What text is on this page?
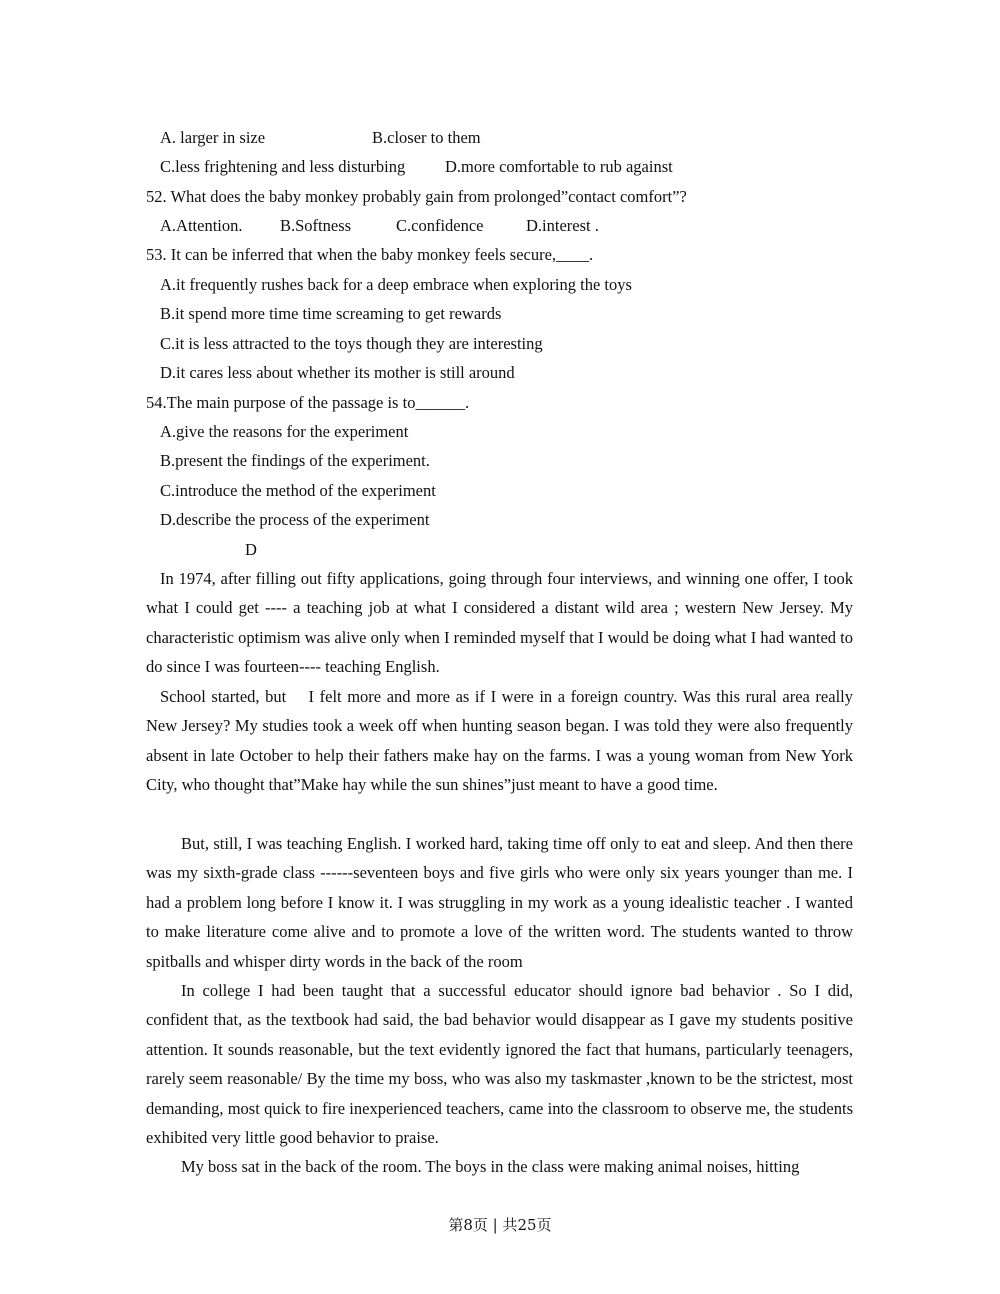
A. larger in size	B.closer to them
C.less frightening and less disturbing D.more comfortable to rub against
52. What does the baby monkey probably gain from prolonged”contact comfort”?
A.Attention. B.Softness	C.confidence	D.interest .
53. It can be inferred that when the baby monkey feels secure,____.
A.it frequently rushes back for a deep embrace when exploring the toys
B.it spend more time time screaming to get rewards
C.it is less attracted to the toys though they are interesting
D.it cares less about whether its mother is still around
54.The main purpose of the passage is to______.
A.give the reasons for the experiment
B.present the findings of the experiment.
C.introduce the method of the experiment
D.describe the process of the experiment
D

In 1974, after filling out fifty applications, going through four interviews, and winning one offer, I took what I could get ---- a teaching job at what I considered a distant wild area ; western New Jersey. My characteristic optimism was alive only when I reminded myself that I would be doing what I had wanted to do since I was fourteen---- teaching English.

School started, but    I felt more and more as if I were in a foreign country. Was this rural area really New Jersey? My studies took a week off when hunting season began. I was told they were also frequently absent in late October to help their fathers make hay on the farms. I was a young woman from New York City, who thought that”Make hay while the sun shines”just meant to have a good time.

But, still, I was teaching English. I worked hard, taking time off only to eat and sleep. And then there was my sixth-grade class ------seventeen boys and five girls who were only six years younger than me. I had a problem long before I know it. I was struggling in my work as a young idealistic teacher . I wanted to make literature come alive and to promote a love of the written word. The students wanted to throw spitballs and whisper dirty words in the back of the room

In college I had been taught that a successful educator should ignore bad behavior . So I did, confident that, as the textbook had said, the bad behavior would disappear as I gave my students positive attention. It sounds reasonable, but the text evidently ignored the fact that humans, particularly teenagers, rarely seem reasonable/ By the time my boss, who was also my taskmaster ,known to be the strictest, most demanding, most quick to fire inexperienced teachers, came into the classroom to observe me, the students exhibited very little good behavior to praise.

My boss sat in the back of the room. The boys in the class were making animal noises, hitting

第8页 | 共25页
